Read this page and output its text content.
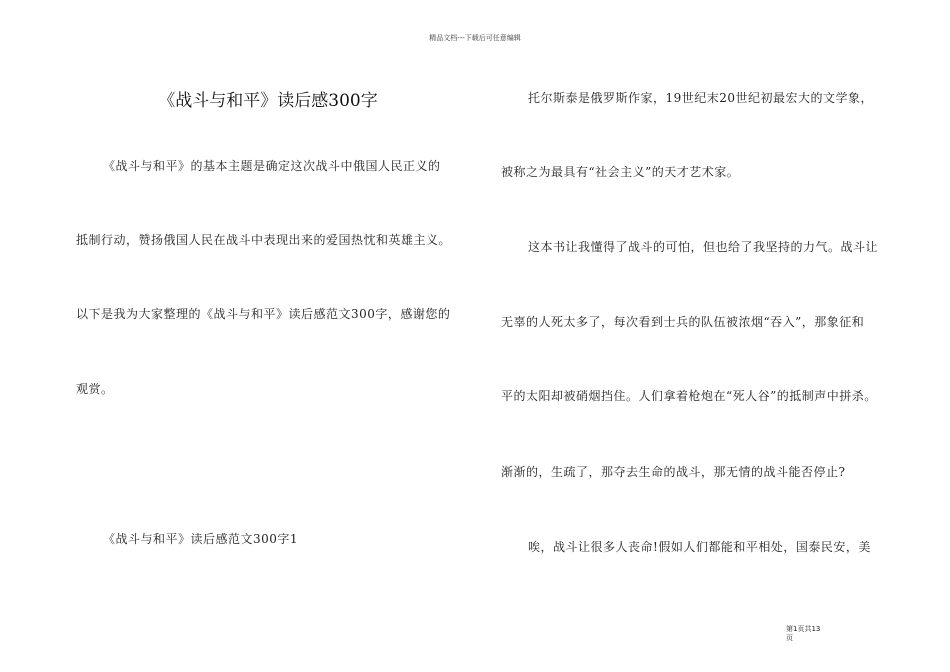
精品文档---下载后可任意编辑
《战斗与和平》读后感300字
《战斗与和平》的基本主题是确定这次战斗中俄国人民正义的
抵制行动，赞扬俄国人民在战斗中表现出来的爱国热忱和英雄主义。
以下是我为大家整理的《战斗与和平》读后感范文300字，感谢您的
观赏。
《战斗与和平》读后感范文300字1
托尔斯泰是俄罗斯作家，19世纪末20世纪初最宏大的文学象，
被称之为最具有“社会主义”的天才艺术家。
这本书让我懂得了战斗的可怕，但也给了我坚持的力气。战斗让
无辜的人死太多了，每次看到士兵的队伍被浓烟“吞入”，那象征和
平的太阳却被硝烟挡住。人们拿着枪炮在“死人谷”的抵制声中拼杀。
渐渐的，生疏了，那夺去生命的战斗，那无情的战斗能否停止?
唉，战斗让很多人丧命!假如人们都能和平相处，国泰民安，美
第1页共13
页
